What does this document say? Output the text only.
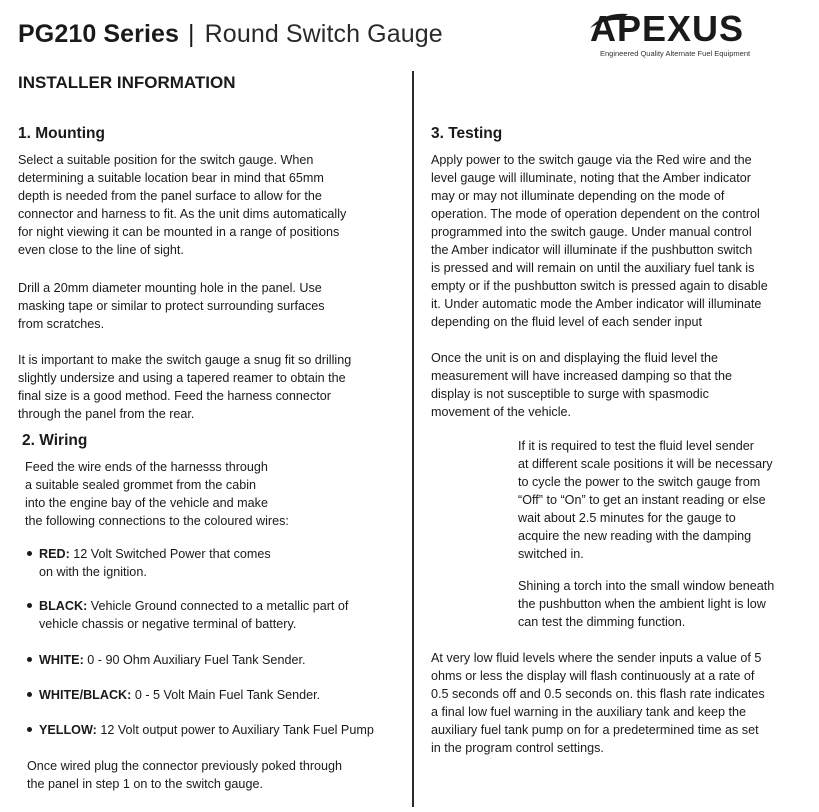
PG210 Series | Round Switch Gauge	APEXUS
Engineered Quality Alternate Fuel Equipment
INSTALLER INFORMATION
1. Mounting
Select a suitable position for the switch gauge. When
determining a suitable location bear in mind that 65mm
depth is needed from the panel surface to allow for the
connector and harness to fit. As the unit dims automatically
for night viewing it can be mounted in a range of positions
even close to the line of sight.
Drill a 20mm diameter mounting hole in the panel. Use
masking tape or similar to protect surrounding surfaces
from scratches.
It is important to make the switch gauge a snug fit so drilling
slightly undersize and using a tapered reamer to obtain the
final size is a good method. Feed the harness connector
through the panel from the rear.
2. Wiring
Feed the wire ends of the harnesss through
a suitable sealed grommet from the cabin
into the engine bay of the vehicle and make
the following connections to the coloured wires:
RED: 12 Volt Switched Power that comes
on with the ignition.
BLACK: Vehicle Ground connected to a metallic part of
vehicle chassis or negative terminal of battery.
WHITE: 0 - 90 Ohm Auxiliary Fuel Tank Sender.
WHITE/BLACK: 0 - 5 Volt Main Fuel Tank Sender.
YELLOW: 12 Volt output power to Auxiliary Tank Fuel Pump
Once wired plug the connector previously poked through
the panel in step 1 on to the switch gauge.
3. Testing
Apply power to the switch gauge via the Red wire and the
level gauge will illuminate, noting that the Amber indicator
may or may not illuminate depending on the mode of
operation. The mode of operation dependent on the control
programmed into the switch gauge. Under manual control
the Amber indicator will illuminate if the pushbutton switch
is pressed and will remain on until the auxiliary fuel tank is
empty or if the pushbutton switch is pressed again to disable
it. Under automatic mode the Amber indicator will illuminate
depending on the fluid level of each sender input
Once the unit is on and displaying the fluid level the
measurement will have increased damping so that the
display is not susceptible to surge with spasmodic
movement of the vehicle.
If it is required to test the fluid level sender
at different scale positions it will be necessary
to cycle the power to the switch gauge from
“Off” to “On” to get an instant reading or else
wait about 2.5 minutes for the gauge to
acquire the new reading with the damping
switched in.
Shining a torch into the small window beneath
the pushbutton when the ambient light is low
can test the dimming function.
At very low fluid levels where the sender inputs a value of 5
ohms or less the display will flash continuously at a rate of
0.5 seconds off and 0.5 seconds on. this flash rate indicates
a final low fuel warning in the auxiliary tank and keep the
auxiliary fuel tank pump on for a predetermined time as set
in the program control settings.
